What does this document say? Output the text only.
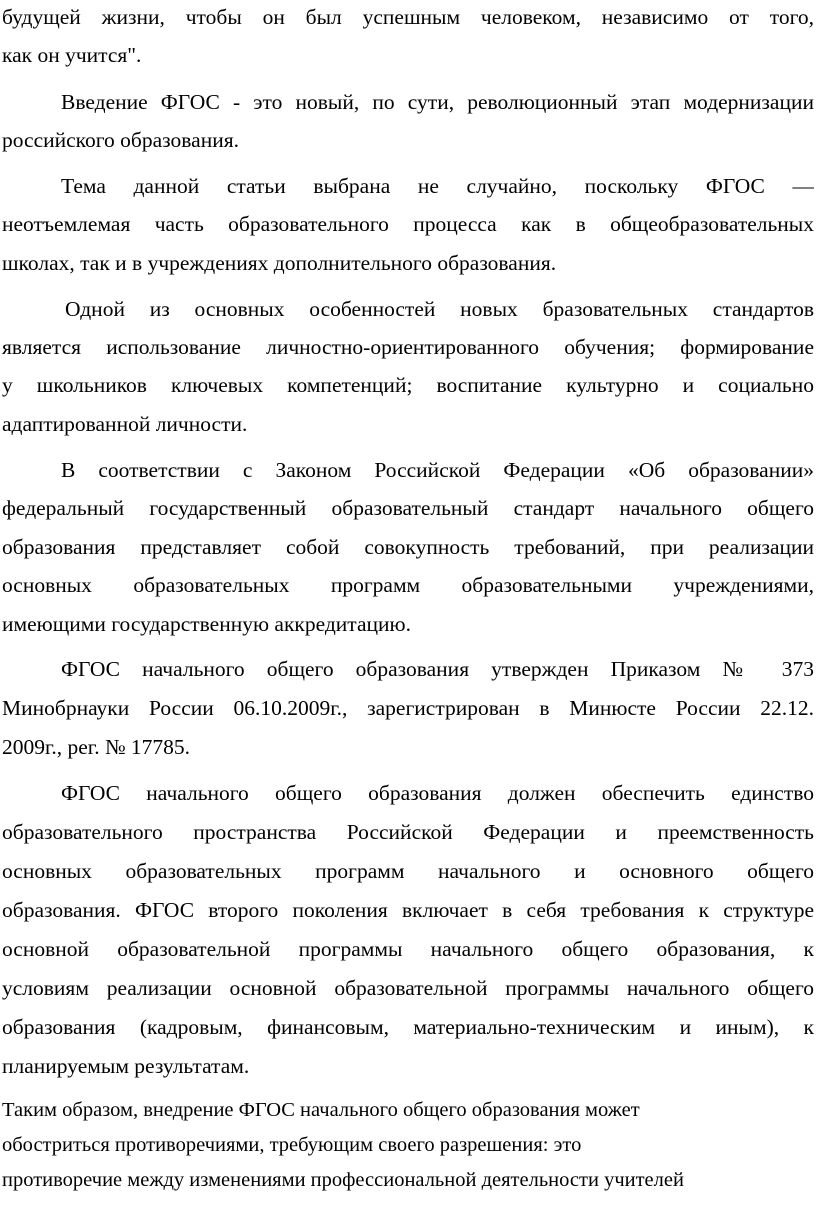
будущей жизни, чтобы он был успешным человеком, независимо от того,
как он учится".
Введение ФГОС - это новый, по сути, революционный этап модернизации
российского образования.
Тема данной статьи выбрана не случайно, поскольку ФГОС —
неотъемлемая часть образовательного процесса как в общеобразовательных
школах, так и в учреждениях дополнительного образования.
Одной из основных особенностей новых бразовательных стандартов
является использование личностно-ориентированного обучения; формирование
у школьников ключевых компетенций; воспитание культурно и социально
адаптированной личности.
В соответствии с Законом Российской Федерации «Об образовании»
федеральный государственный образовательный стандарт начального общего
образования представляет собой совокупность требований, при реализации
основных образовательных программ образовательными учреждениями,
имеющими государственную аккредитацию.
ФГОС начального общего образования утвержден Приказом № 373
Минобрнауки России 06.10.2009г., зарегистрирован в Минюсте России 22.12.
2009г., рег. № 17785.
ФГОС начального общего образования должен обеспечить единство
образовательного пространства Российской Федерации и преемственность
основных образовательных программ начального и основного общего
образования. ФГОС второго поколения включает в себя требования к структуре
основной образовательной программы начального общего образования, к
условиям реализации основной образовательной программы начального общего
образования (кадровым, финансовым, материально-техническим и иным), к
планируемым результатам.
Таким образом, внедрение ФГОС начального общего образования может
обостриться противоречиями, требующим своего разрешения: это
противоречие между изменениями профессиональной деятельности учителей
